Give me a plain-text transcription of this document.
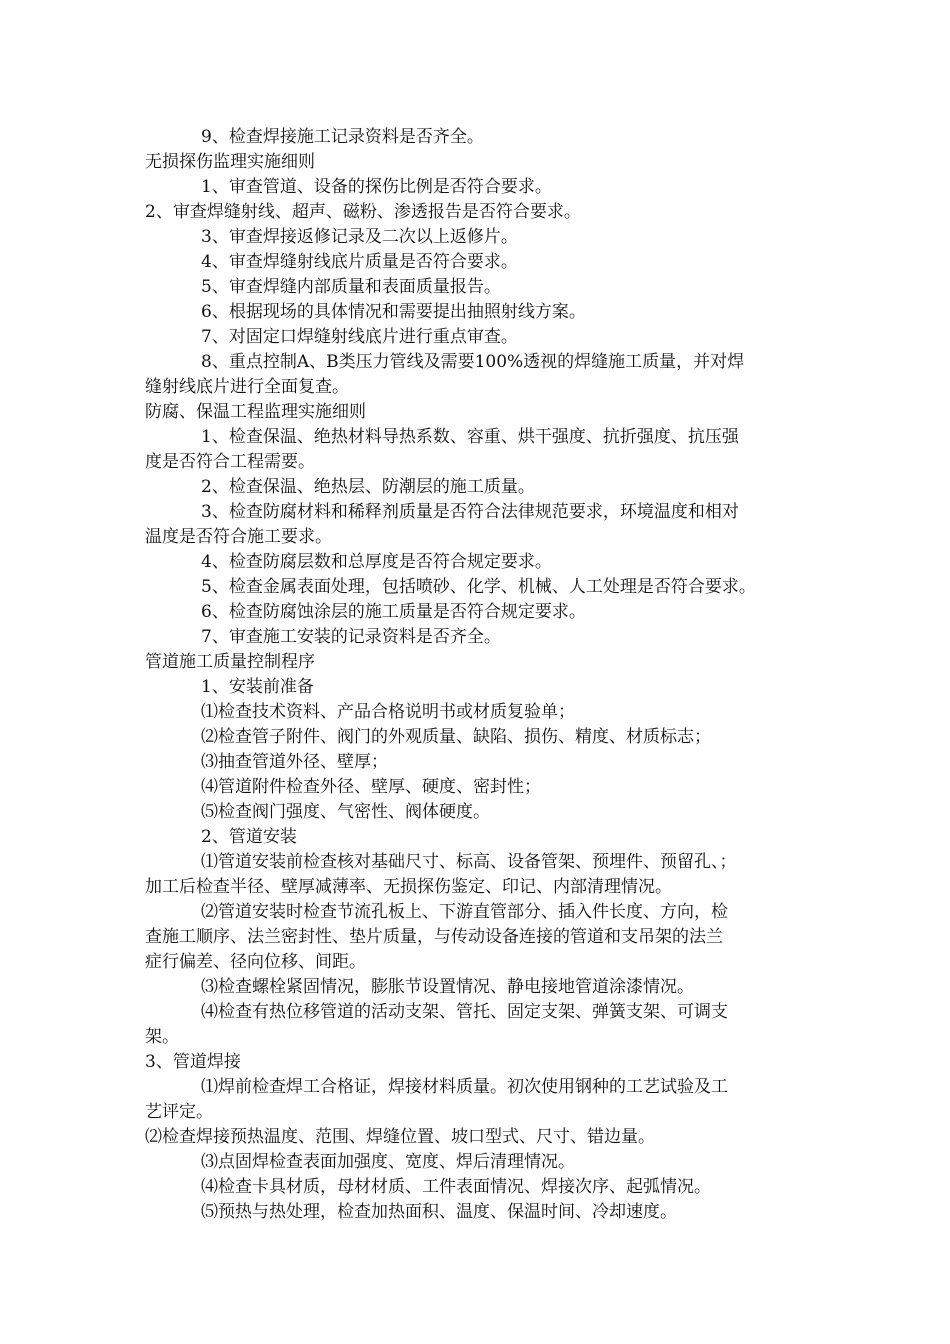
9、检查焊接施工记录资料是否齐全。
无损探伤监理实施细则
1、审查管道、设备的探伤比例是否符合要求。
2、审查焊缝射线、超声、磁粉、渗透报告是否符合要求。
3、审查焊接返修记录及二次以上返修片。
4、审查焊缝射线底片质量是否符合要求。
5、审查焊缝内部质量和表面质量报告。
6、根据现场的具体情况和需要提出抽照射线方案。
7、对固定口焊缝射线底片进行重点审查。
8、重点控制A、B类压力管线及需要100%透视的焊缝施工质量，并对焊
缝射线底片进行全面复查。
防腐、保温工程监理实施细则
1、检查保温、绝热材料导热系数、容重、烘干强度、抗折强度、抗压强
度是否符合工程需要。
2、检查保温、绝热层、防潮层的施工质量。
3、检查防腐材料和稀释剂质量是否符合法律规范要求，环境温度和相对
温度是否符合施工要求。
4、检查防腐层数和总厚度是否符合规定要求。
5、检查金属表面处理，包括喷砂、化学、机械、人工处理是否符合要求。
6、检查防腐蚀涂层的施工质量是否符合规定要求。
7、审查施工安装的记录资料是否齐全。
管道施工质量控制程序
1、安装前准备
⑴检查技术资料、产品合格说明书或材质复验单；
⑵检查管子附件、阀门的外观质量、缺陷、损伤、精度、材质标志；
⑶抽查管道外径、壁厚；
⑷管道附件检查外径、壁厚、硬度、密封性；
⑸检查阀门强度、气密性、阀体硬度。
2、管道安装
⑴管道安装前检查核对基础尺寸、标高、设备管架、预埋件、预留孔、；
加工后检查半径、壁厚减薄率、无损探伤鉴定、印记、内部清理情况。
⑵管道安装时检查节流孔板上、下游直管部分、插入件长度、方向，检
查施工顺序、法兰密封性、垫片质量，与传动设备连接的管道和支吊架的法兰
症行偏差、径向位移、间距。
⑶检查螺栓紧固情况，膨胀节设置情况、静电接地管道涂漆情况。
⑷检查有热位移管道的活动支架、管托、固定支架、弹簧支架、可调支
架。
3、管道焊接
⑴焊前检查焊工合格证，焊接材料质量。初次使用钢种的工艺试验及工
艺评定。
⑵检查焊接预热温度、范围、焊缝位置、坡口型式、尺寸、错边量。
⑶点固焊检查表面加强度、宽度、焊后清理情况。
⑷检查卡具材质，母材材质、工件表面情况、焊接次序、起弧情况。
⑸预热与热处理，检查加热面积、温度、保温时间、冷却速度。
